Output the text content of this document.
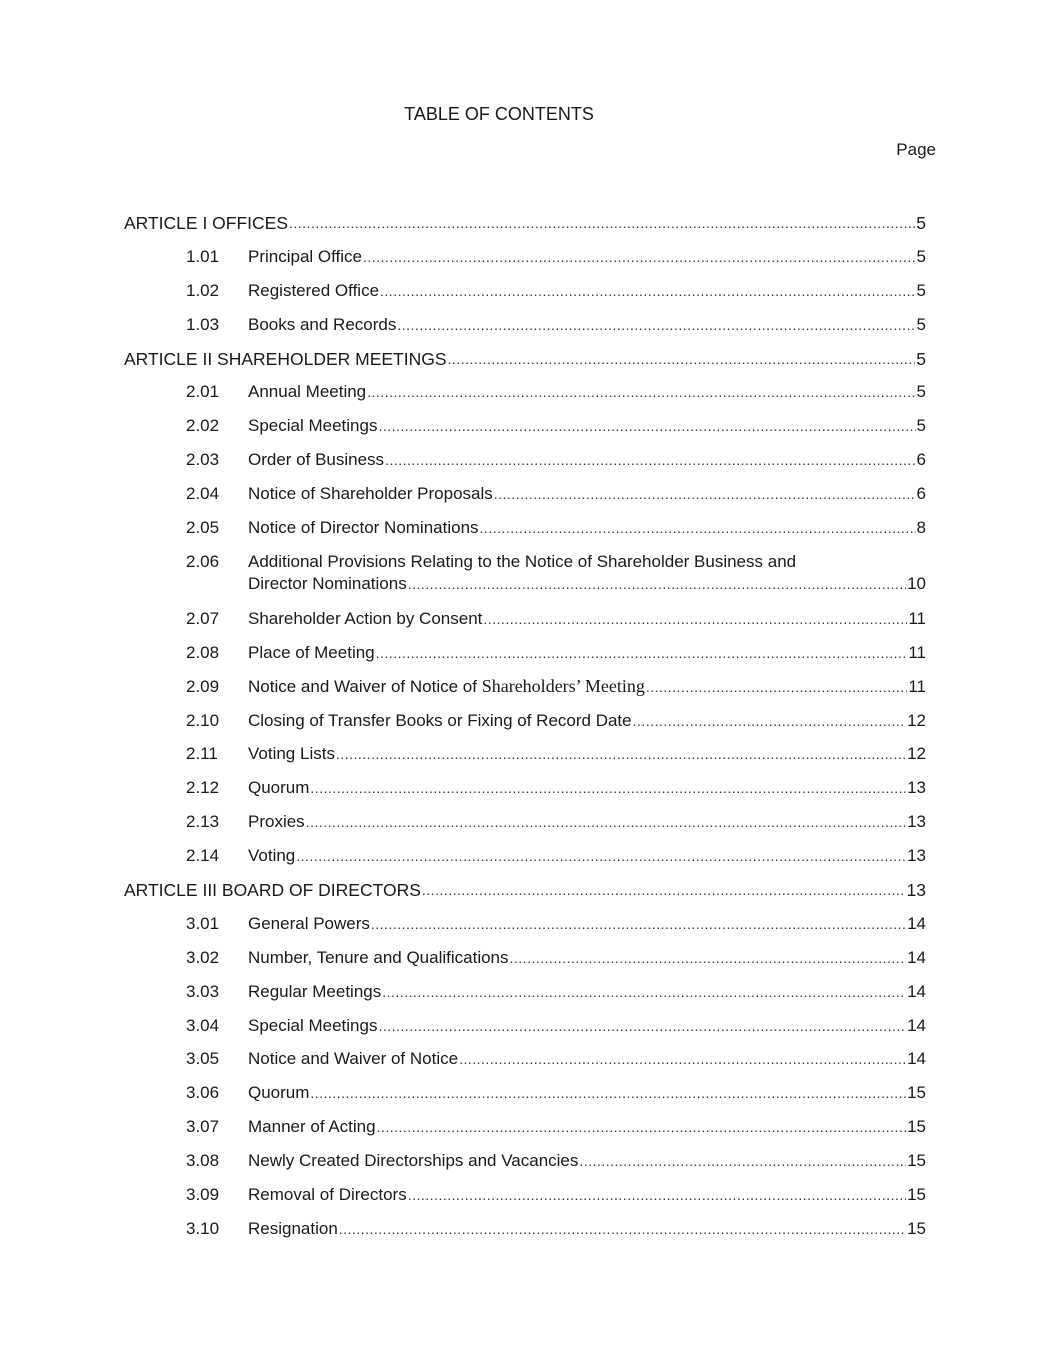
TABLE OF CONTENTS
Page
ARTICLE I OFFICES .....	5
1.01	Principal Office .....	5
1.02	Registered Office .....	5
1.03	Books and Records .....	5
ARTICLE II SHAREHOLDER MEETINGS .....	5
2.01	Annual Meeting .....	5
2.02	Special Meetings .....	5
2.03	Order of Business .....	6
2.04	Notice of Shareholder Proposals .....	6
2.05	Notice of Director Nominations .....	8
2.06	Additional Provisions Relating to the Notice of Shareholder Business and
Director Nominations .....	10
2.07	Shareholder Action by Consent .....	11
2.08	Place of Meeting .....	11
2.09	Notice and Waiver of Notice of Shareholders’ Meeting .....	11
2.10	Closing of Transfer Books or Fixing of Record Date .....	12
2.11	Voting Lists .....	12
2.12	Quorum .....	13
2.13	Proxies .....	13
2.14	Voting .....	13
ARTICLE III BOARD OF DIRECTORS .....	13
3.01	General Powers .....	14
3.02	Number, Tenure and Qualifications .....	14
3.03	Regular Meetings .....	14
3.04	Special Meetings .....	14
3.05	Notice and Waiver of Notice .....	14
3.06	Quorum .....	15
3.07	Manner of Acting .....	15
3.08	Newly Created Directorships and Vacancies .....	15
3.09	Removal of Directors .....	15
3.10	Resignation .....	15
